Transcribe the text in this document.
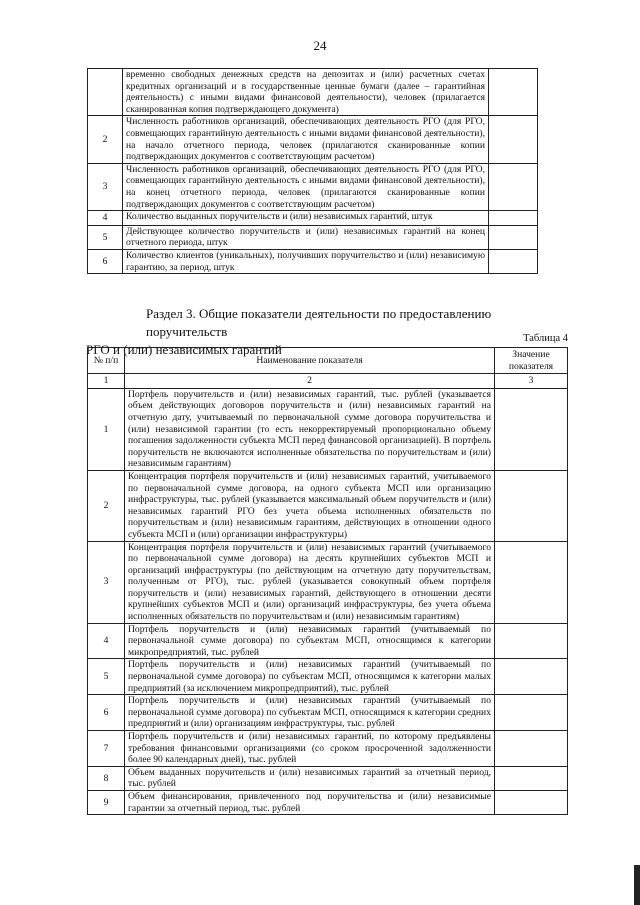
24
	временно свободных денежных средств на депозитах и (или) расчетных счетах кредитных организаций и в государственные ценные бумаги (далее – гарантийная деятельность) с иными видами финансовой деятельности), человек (прилагается сканированная копия подтверждающего документа)	
2	Численность работников организаций, обеспечивающих деятельность РГО (для РГО, совмещающих гарантийную деятельность с иными видами финансовой деятельности), на начало отчетного периода, человек (прилагаются сканированные копии подтверждающих документов с соответствующим расчетом)	
3	Численность работников организаций, обеспечивающих деятельность РГО (для РГО, совмещающих гарантийную деятельность с иными видами финансовой деятельности), на конец отчетного периода, человек (прилагаются сканированные копии подтверждающих документов с соответствующим расчетом)	
4	Количество выданных поручительств и (или) независимых гарантий, штук	
5	Действующее количество поручительств и (или) независимых гарантий на конец отчетного периода, штук	
6	Количество клиентов (уникальных), получивших поручительство и (или) независимую гарантию, за период, штук	
Раздел 3. Общие показатели деятельности по предоставлению поручительств
РГО и (или) независимых гарантий
Таблица 4
№ п/п	Наименование показателя	Значение показателя
1	2	3
1	Портфель поручительств и (или) независимых гарантий, тыс. рублей (указывается объем действующих договоров поручительств и (или) независимых гарантий на отчетную дату, учитываемый по первоначальной сумме договора поручительства и (или) независимой гарантии (то есть некорректируемый пропорционально объему погашения задолженности субъекта МСП перед финансовой организацией). В портфель поручительств не включаются исполненные обязательства по поручительствам и (или) независимым гарантиям)	
2	Концентрация портфеля поручительств и (или) независимых гарантий, учитываемого по первоначальной сумме договора, на одного субъекта МСП или организацию инфраструктуры, тыс. рублей (указывается максимальный объем поручительств и (или) независимых гарантий РГО без учета объема исполненных обязательств по поручительствам и (или) независимым гарантиям, действующих в отношении одного субъекта МСП и (или) организации инфраструктуры)	
3	Концентрация портфеля поручительств и (или) независимых гарантий (учитываемого по первоначальной сумме договора) на десять крупнейших субъектов МСП и организаций инфраструктуры (по действующим на отчетную дату поручительствам, полученным от РГО), тыс. рублей (указывается совокупный объем портфеля поручительств и (или) независимых гарантий, действующего в отношении десяти крупнейших субъектов МСП и (или) организаций инфраструктуры, без учета объема исполненных обязательств по поручительствам и (или) независимым гарантиям)	
4	Портфель поручительств и (или) независимых гарантий (учитываемый по первоначальной сумме договора) по субъектам МСП, относящимся к категории микропредприятий, тыс. рублей	
5	Портфель поручительств и (или) независимых гарантий (учитываемый по первоначальной сумме договора) по субъектам МСП, относящимся к категории малых предприятий (за исключением микропредприятий), тыс. рублей	
6	Портфель поручительств и (или) независимых гарантий (учитываемый по первоначальной сумме договора) по субъектам МСП, относящимся к категории средних предприятий и (или) организациям инфраструктуры, тыс. рублей	
7	Портфель поручительств и (или) независимых гарантий, по которому предъявлены требования финансовыми организациями (со сроком просроченной задолженности более 90 календарных дней), тыс. рублей	
8	Объем выданных поручительств и (или) независимых гарантий за отчетный период, тыс. рублей	
9	Объем финансирования, привлеченного под поручительства и (или) независимые гарантии за отчетный период, тыс. рублей	
